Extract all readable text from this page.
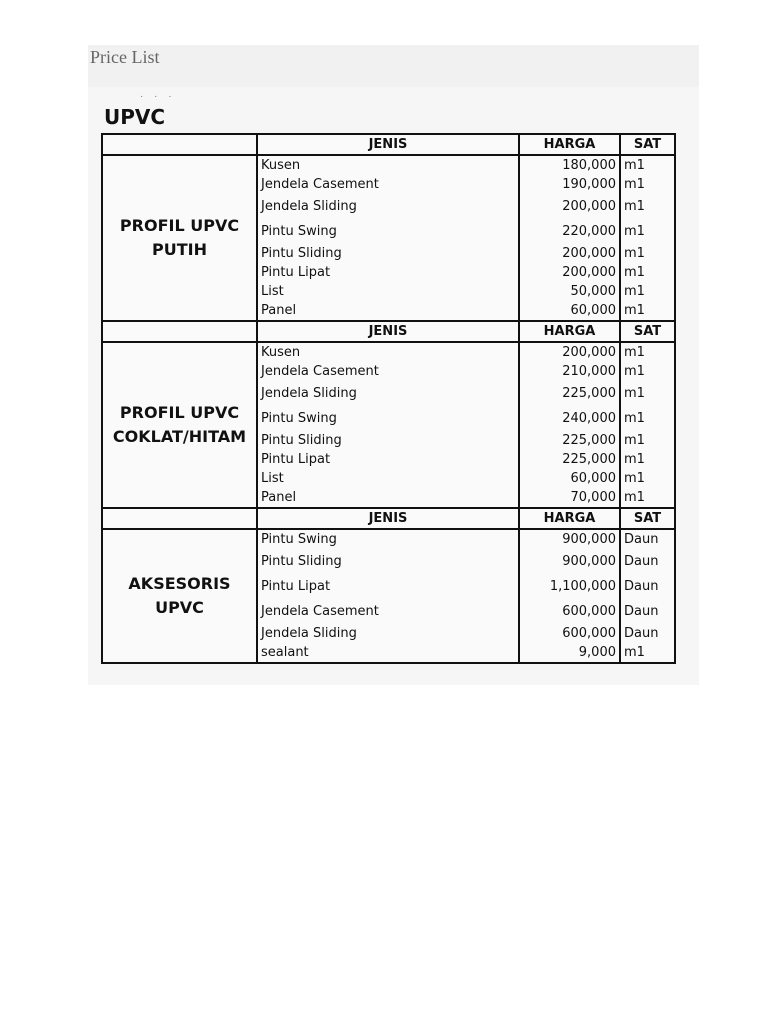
Price List
· · ·
UPVC
	JENIS	HARGA	SAT

PROFIL UPVC
PUTIH	Kusen	180,000	m1
	Jendela Casement	190,000	m1
	Jendela Sliding	200,000	m1
	Pintu Swing	220,000	m1
	Pintu Sliding	200,000	m1
	Pintu Lipat	200,000	m1
	List	50,000	m1
	Panel	60,000	m1
	JENIS	HARGA	SAT

PROFIL UPVC
COKLAT/HITAM	Kusen	200,000	m1
	Jendela Casement	210,000	m1
	Jendela Sliding	225,000	m1
	Pintu Swing	240,000	m1
	Pintu Sliding	225,000	m1
	Pintu Lipat	225,000	m1
	List	60,000	m1
	Panel	70,000	m1
	JENIS	HARGA	SAT

AKSESORIS
UPVC	Pintu Swing	900,000	Daun
	Pintu Sliding	900,000	Daun
	Pintu Lipat	1,100,000	Daun
	Jendela Casement	600,000	Daun
	Jendela Sliding	600,000	Daun
	sealant	9,000	m1
